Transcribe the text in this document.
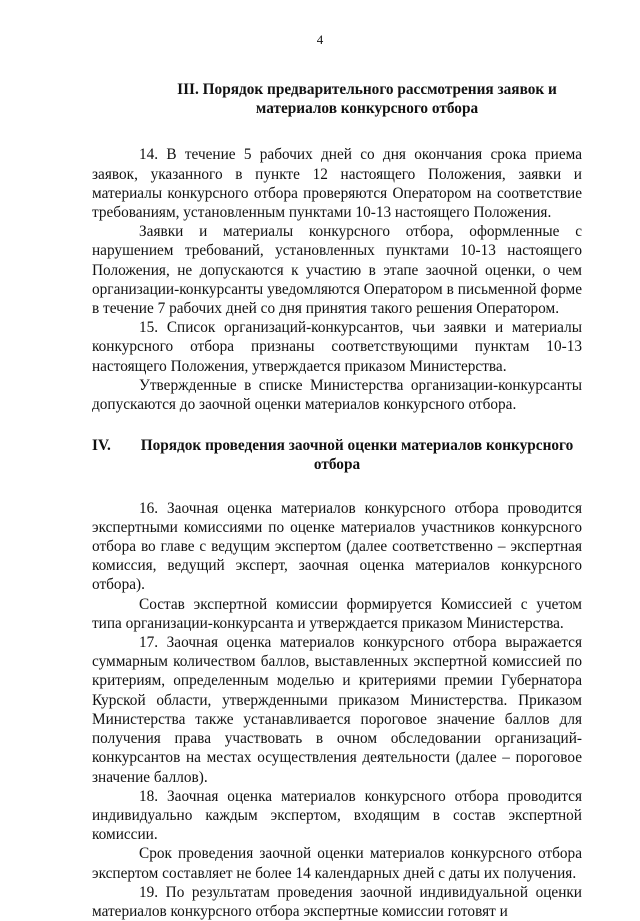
4
III. Порядок предварительного рассмотрения заявок и
материалов конкурсного отбора

14. В течение 5 рабочих дней со дня окончания срока приема заявок, указанного в пункте 12 настоящего Положения, заявки и материалы конкурсного отбора проверяются Оператором на соответствие требованиям, установленным пунктами 10-13 настоящего Положения.

Заявки и материалы конкурсного отбора, оформленные с нарушением требований, установленных пунктами 10-13 настоящего Положения, не допускаются к участию в этапе заочной оценки, о чем организации-конкурсанты уведомляются Оператором в письменной форме в течение 7 рабочих дней со дня принятия такого решения Оператором.

15. Список организаций-конкурсантов, чьи заявки и материалы конкурсного отбора признаны соответствующими пунктам 10-13 настоящего Положения, утверждается приказом Министерства.

Утвержденные в списке Министерства организации-конкурсанты допускаются до заочной оценки материалов конкурсного отбора.

IV.	Порядок проведения заочной оценки материалов конкурсного
отбора

16. Заочная оценка материалов конкурсного отбора проводится экспертными комиссиями по оценке материалов участников конкурсного отбора во главе с ведущим экспертом (далее соответственно – экспертная комиссия, ведущий эксперт, заочная оценка материалов конкурсного отбора).

Состав экспертной комиссии формируется Комиссией с учетом типа организации-конкурсанта и утверждается приказом Министерства.

17. Заочная оценка материалов конкурсного отбора выражается суммарным количеством баллов, выставленных экспертной комиссией по критериям, определенным моделью и критериями премии Губернатора Курской области, утвержденными приказом Министерства. Приказом Министерства также устанавливается пороговое значение баллов для получения права участвовать в очном обследовании организаций-конкурсантов на местах осуществления деятельности (далее – пороговое значение баллов).

18. Заочная оценка материалов конкурсного отбора проводится индивидуально каждым экспертом, входящим в состав экспертной комиссии.

Срок проведения заочной оценки материалов конкурсного отбора экспертом составляет не более 14 календарных дней с даты их получения.

19. По результатам проведения заочной индивидуальной оценки материалов конкурсного отбора экспертные комиссии готовят и
